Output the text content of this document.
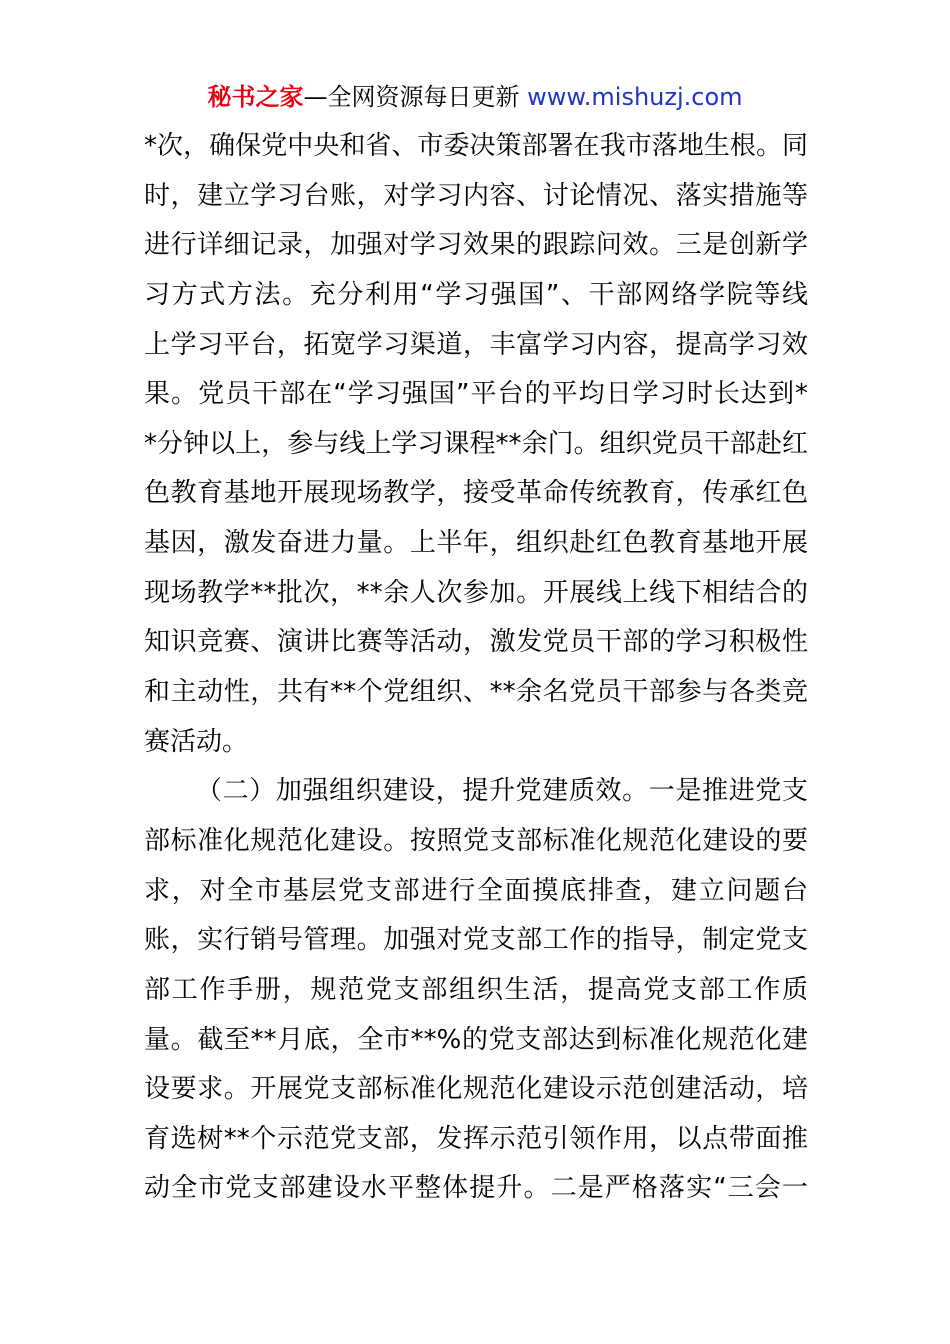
秘书之家—全网资源每日更新 www.mishuzj.com
*次，确保党中央和省、市委决策部署在我市落地生根。同
时，建立学习台账，对学习内容、讨论情况、落实措施等
进行详细记录，加强对学习效果的跟踪问效。三是创新学
习方式方法。充分利用“学习强国”、干部网络学院等线
上学习平台，拓宽学习渠道，丰富学习内容，提高学习效
果。党员干部在“学习强国”平台的平均日学习时长达到*
*分钟以上，参与线上学习课程**余门。组织党员干部赴红
色教育基地开展现场教学，接受革命传统教育，传承红色
基因，激发奋进力量。上半年，组织赴红色教育基地开展
现场教学**批次，**余人次参加。开展线上线下相结合的
知识竞赛、演讲比赛等活动，激发党员干部的学习积极性
和主动性，共有**个党组织、**余名党员干部参与各类竞
赛活动。
（二）加强组织建设，提升党建质效。一是推进党支
部标准化规范化建设。按照党支部标准化规范化建设的要
求，对全市基层党支部进行全面摸底排查，建立问题台
账，实行销号管理。加强对党支部工作的指导，制定党支
部工作手册，规范党支部组织生活，提高党支部工作质
量。截至**月底，全市**%的党支部达到标准化规范化建
设要求。开展党支部标准化规范化建设示范创建活动，培
育选树**个示范党支部，发挥示范引领作用，以点带面推
动全市党支部建设水平整体提升。二是严格落实“三会一
